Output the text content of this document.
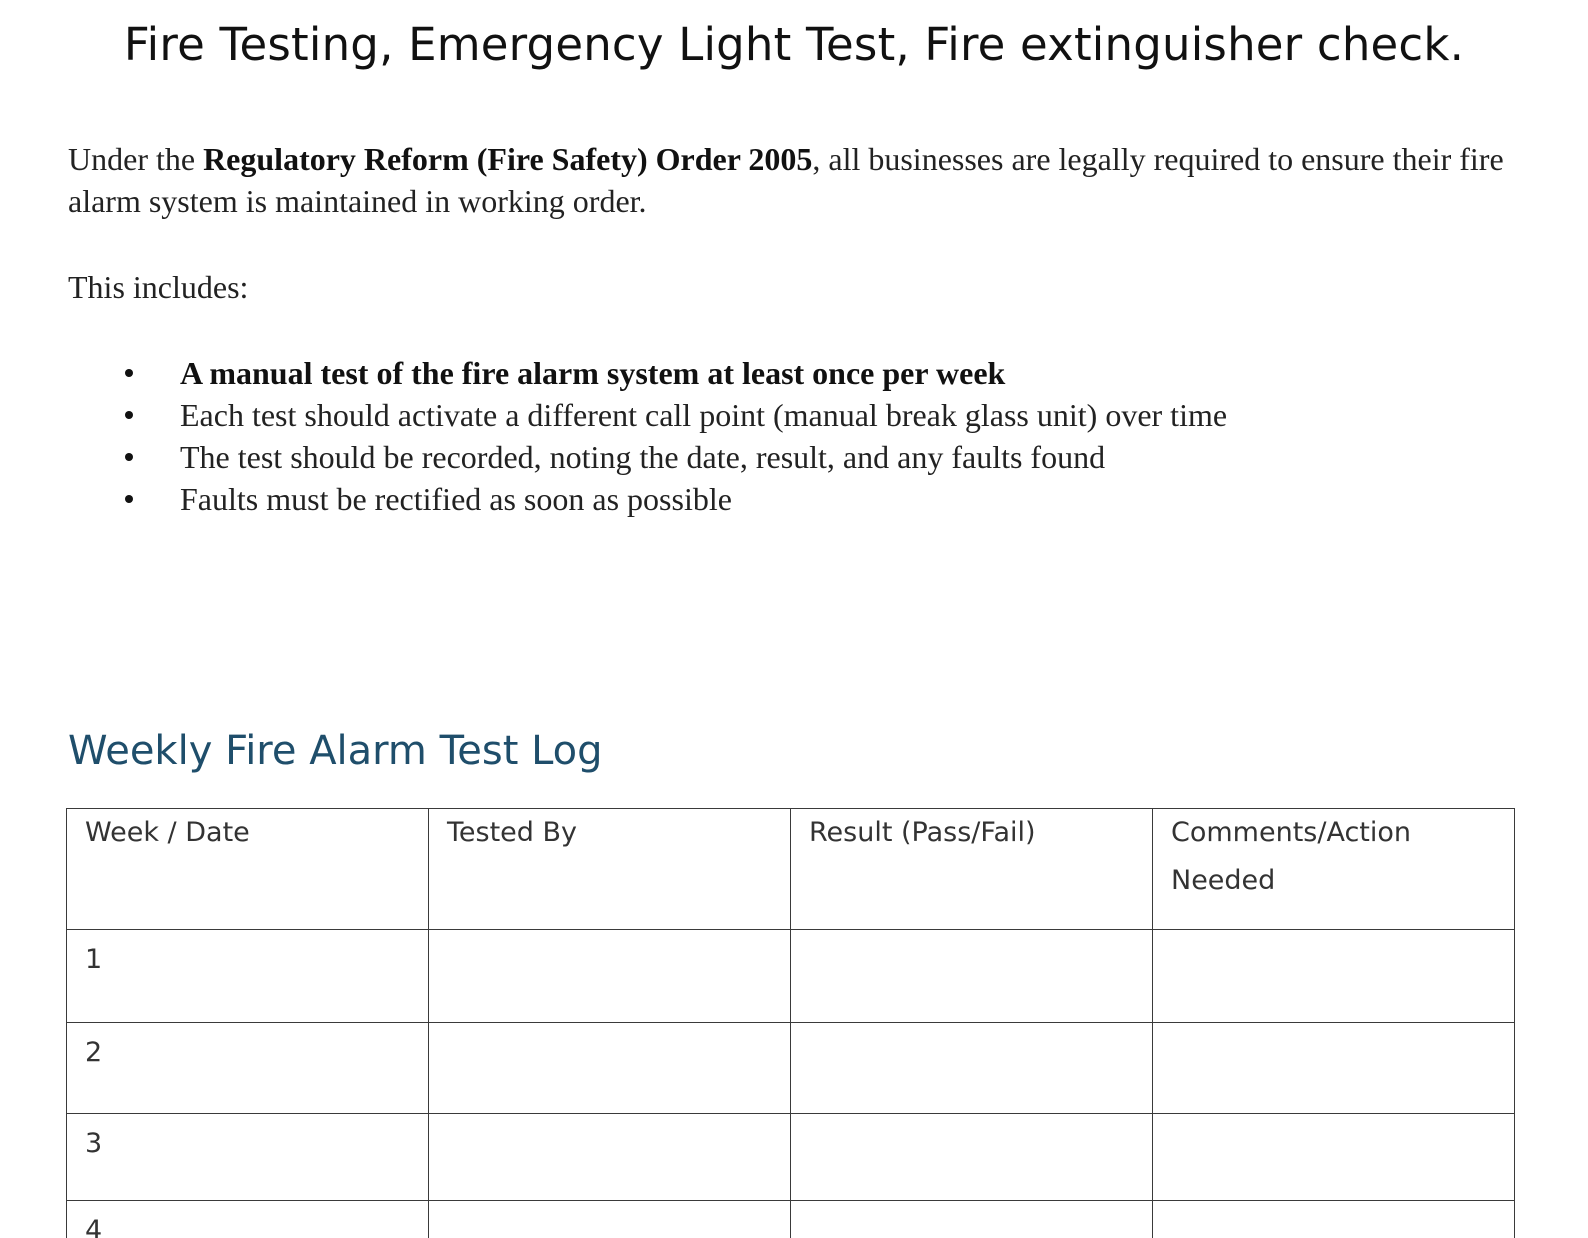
Fire Testing, Emergency Light Test, Fire extinguisher check.

Under the Regulatory Reform (Fire Safety) Order 2005, all businesses are legally required to ensure their fire alarm system is maintained in working order.

This includes:

A manual test of the fire alarm system at least once per week
Each test should activate a different call point (manual break glass unit) over time
The test should be recorded, noting the date, result, and any faults found
Faults must be rectified as soon as possible
Weekly Fire Alarm Test Log
Week / Date	Tested By	Result (Pass/Fail)	Comments/Action Needed
1			
2			
3			
4			
